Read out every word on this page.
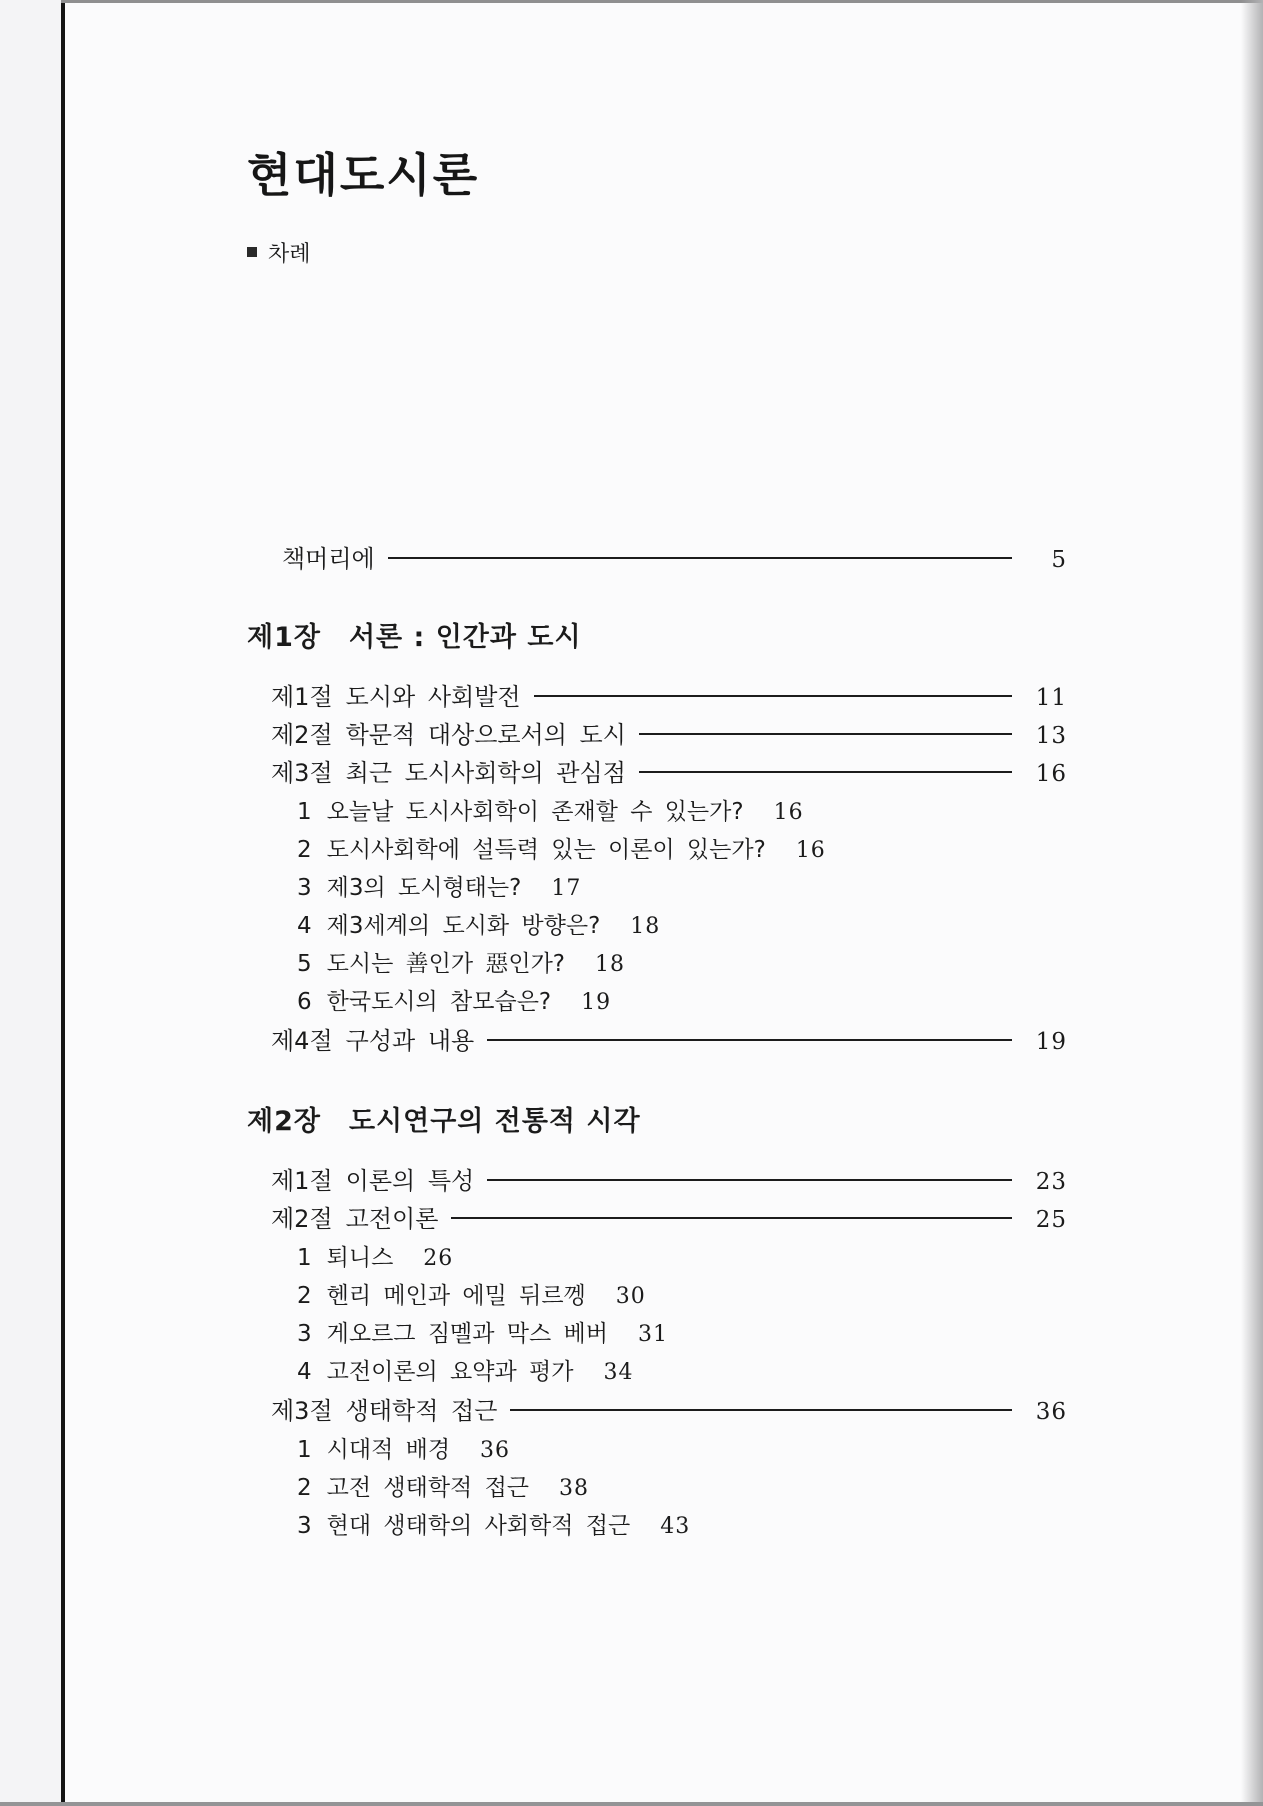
현대도시론
차례
책머리에	5
제1장 서론 : 인간과 도시
제1절 도시와 사회발전	11
제2절 학문적 대상으로서의 도시	13
제3절 최근 도시사회학의 관심점	16
1 오늘날 도시사회학이 존재할 수 있는가? 16
2 도시사회학에 설득력 있는 이론이 있는가? 16
3 제3의 도시형태는? 17
4 제3세계의 도시화 방향은? 18
5 도시는 善인가 惡인가? 18
6 한국도시의 참모습은? 19
제4절 구성과 내용	19
제2장 도시연구의 전통적 시각
제1절 이론의 특성	23
제2절 고전이론	25
1 퇴니스 26
2 헨리 메인과 에밀 뒤르껭 30
3 게오르그 짐멜과 막스 베버 31
4 고전이론의 요약과 평가 34
제3절 생태학적 접근	36
1 시대적 배경 36
2 고전 생태학적 접근 38
3 현대 생태학의 사회학적 접근 43
